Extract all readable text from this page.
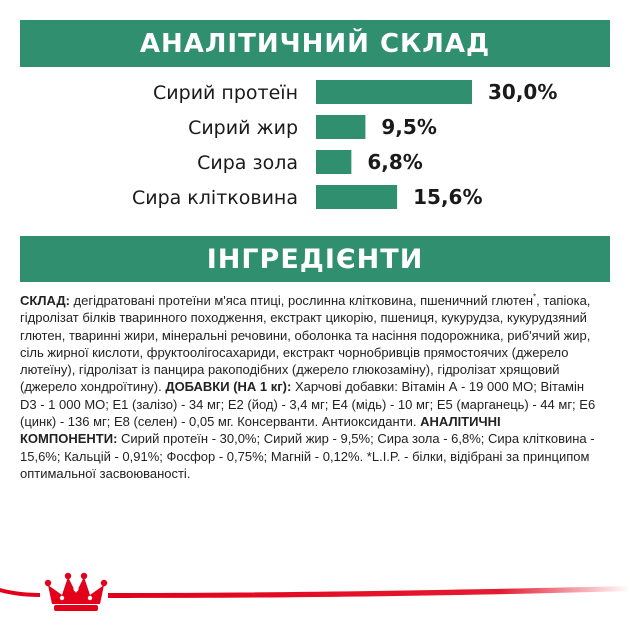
АНАЛІТИЧНИЙ СКЛАД
Сирий протеїн	30,0%
Сирий жир	9,5%
Сира зола	6,8%
Сира клітковина	15,6%
ІНГРЕДІЄНТИ
СКЛАД: дегідратовані протеїни м'яса птиці, рослинна клітковина, пшеничний глютен*, тапіока, гідролізат білків тваринного походження, екстракт цикорію, пшениця, кукурудза, кукурудзяний глютен, тваринні жири, мінеральні речовини, оболонка та насіння подорожника, риб'ячий жир, сіль жирної кислоти, фруктоолігосахариди, екстракт чорнобривців прямостоячих (джерело лютеїну), гідролізат із панцира ракоподібних (джерело глюкозаміну), гідролізат хрящовий (джерело хондроїтину). ДОБАВКИ (НА 1 кг): Харчові добавки: Вітамін А - 19 000 МО; Вітамін D3 - 1 000 МО; Е1 (залізо) - 34 мг; Е2 (йод) - 3,4 мг; Е4 (мідь) - 10 мг; Е5 (марганець) - 44 мг; Е6 (цинк) - 136 мг; Е8 (селен) - 0,05 мг. Консерванти. Антиоксиданти. АНАЛІТИЧНІ КОМПОНЕНТИ: Сирий протеїн - 30,0%; Сирий жир - 9,5%; Сира зола - 6,8%; Сира клітковина - 15,6%; Кальцій - 0,91%; Фосфор - 0,75%; Магній - 0,12%. *L.I.P. - білки, відібрані за принципом оптимальної засвоюваності.
